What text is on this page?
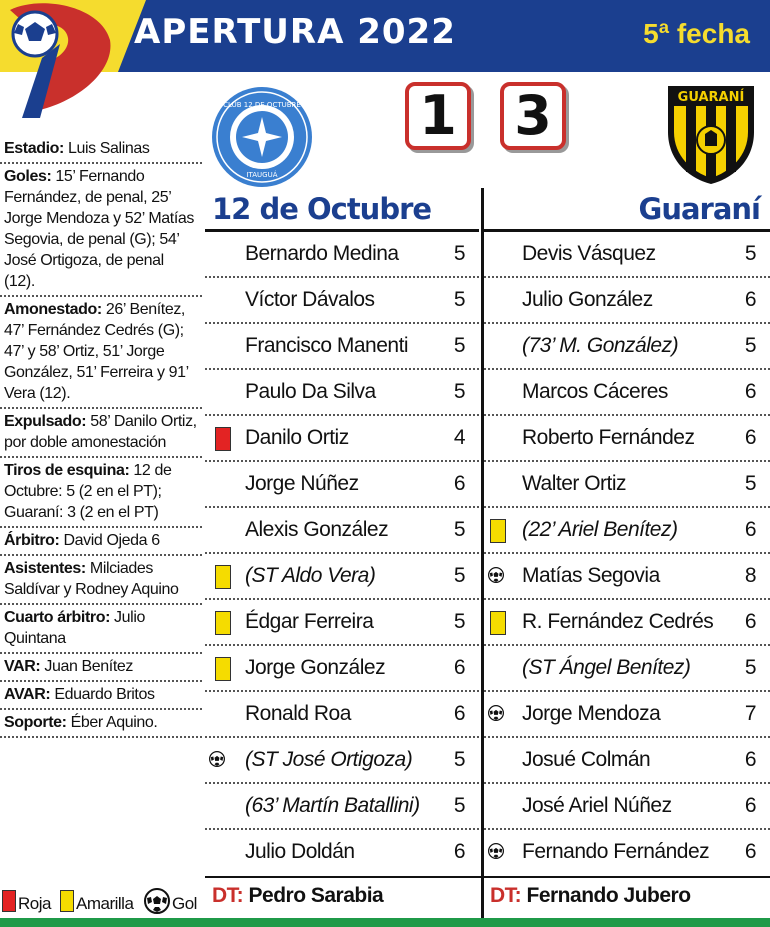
APERTURA 2022	5ª fecha
CLUB 12 DE OCTUBRE
ITAUGUÁ
1 3	GUARANÍ
Estadio: Luis Salinas
Goles: 15’ Fernando Fernández, de penal, 25’ Jorge Mendoza y 52’ Matías Segovia, de penal (G); 54’ José Ortigoza, de penal (12).
Amonestado: 26’ Benítez, 47’ Fernández Cedrés (G); 47’ y 58’ Ortiz, 51’ Jorge González, 51’ Ferreira y 91’ Vera (12).
Expulsado: 58’ Danilo Ortiz, por doble amonestación
Tiros de esquina: 12 de Octubre: 5 (2 en el PT); Guaraní: 3 (2 en el PT)
Árbitro: David Ojeda 6
Asistentes: Milciades Saldívar y Rodney Aquino
Cuarto árbitro: Julio Quintana
VAR: Juan Benítez
AVAR: Eduardo Britos
Soporte: Éber Aquino.
Roja Amarilla Gol
12 de Octubre	Guaraní
Bernardo Medina	5
Víctor Dávalos	5
Francisco Manenti 5
Paulo Da Silva	5
Danilo Ortiz	4
Jorge Núñez	6
Alexis González	5
(ST Aldo Vera)	5
Édgar Ferreira	5
Jorge González	6
Ronald Roa	6
(ST José Ortigoza) 5
(63’ Martín Batallini) 5
Julio Doldán	6
Devis Vásquez	5
Julio González	6
(73’ M. González)	5
Marcos Cáceres	6
Roberto Fernández 6
Walter Ortiz	5
(22’ Ariel Benítez)	6
Matías Segovia	8
R. Fernández Cedrés 6
(ST Ángel Benítez)	5
Jorge Mendoza	7
Josué Colmán	6
José Ariel Núñez	6
Fernando Fernández 6
DT: Pedro Sarabia	DT: Fernando Jubero
